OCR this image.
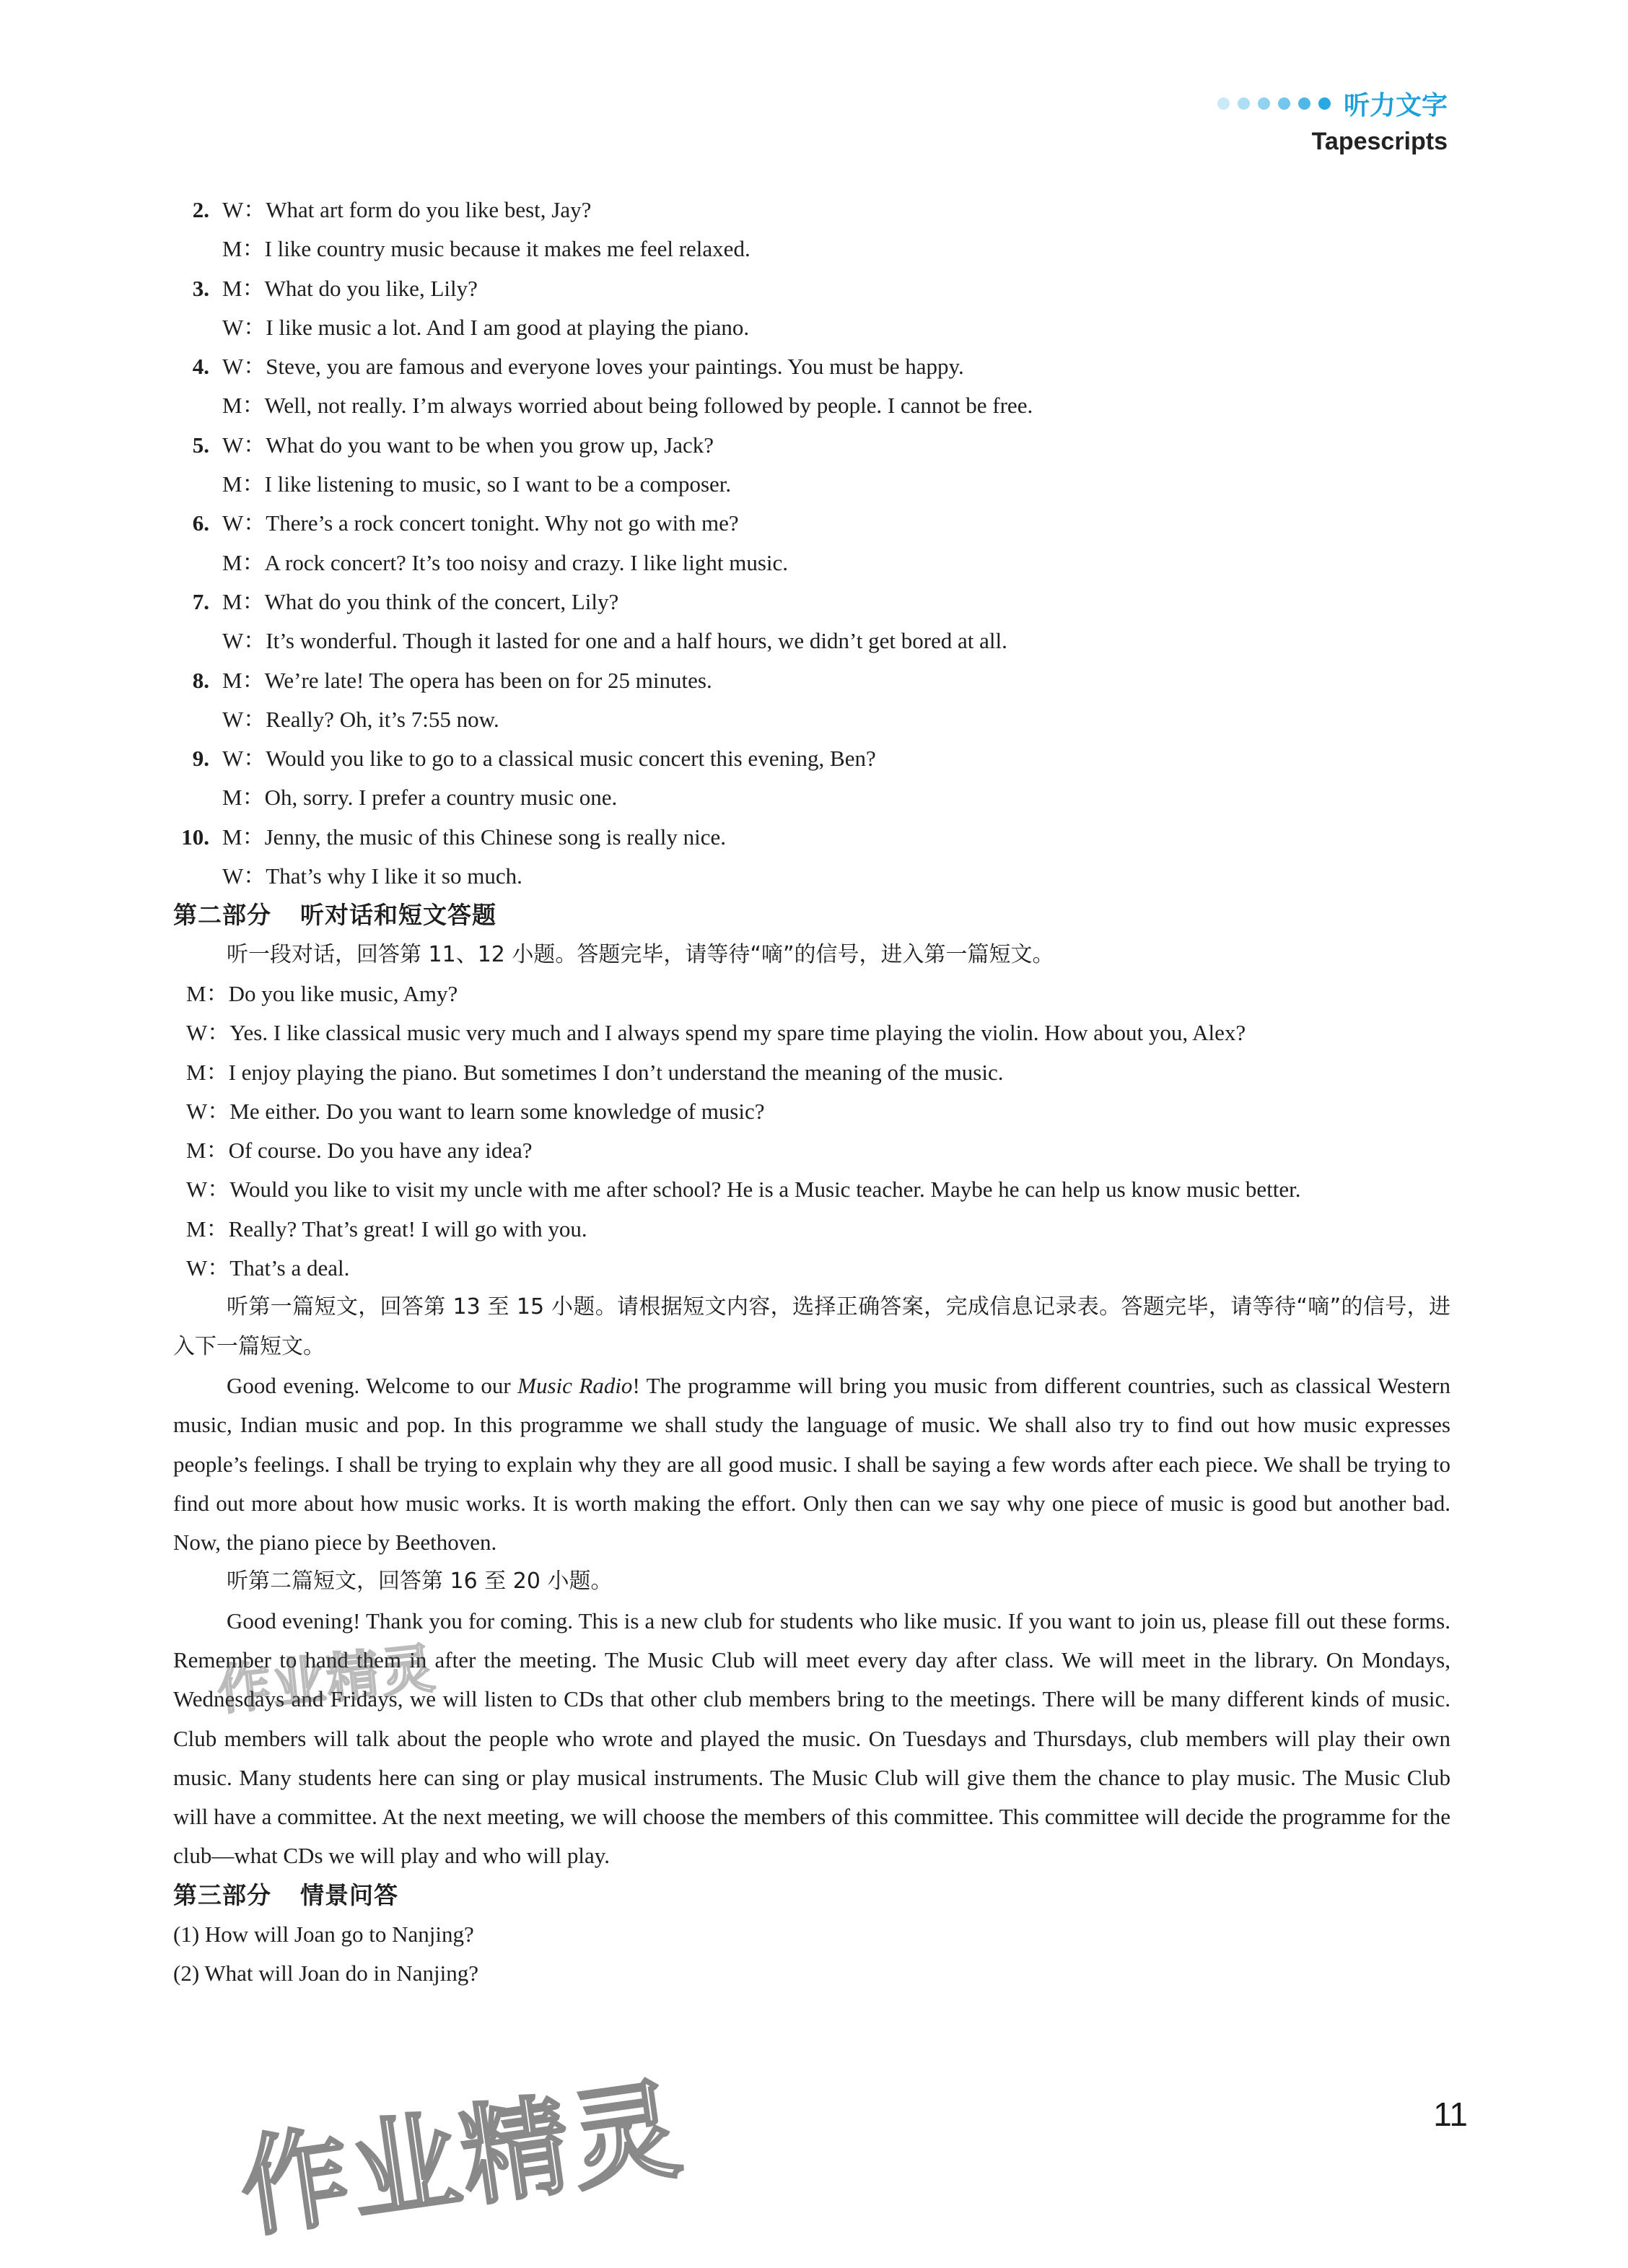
听力文字
Tapescripts
2. W：What art form do you like best, Jay?
M：I like country music because it makes me feel relaxed.
3. M：What do you like, Lily?
W：I like music a lot. And I am good at playing the piano.
4. W：Steve, you are famous and everyone loves your paintings. You must be happy.
M：Well, not really. I’m always worried about being followed by people. I cannot be free.
5. W：What do you want to be when you grow up, Jack?
M：I like listening to music, so I want to be a composer.
6. W：There’s a rock concert tonight. Why not go with me?
M：A rock concert? It’s too noisy and crazy. I like light music.
7. M：What do you think of the concert, Lily?
W：It’s wonderful. Though it lasted for one and a half hours, we didn’t get bored at all.
8. M：We’re late! The opera has been on for 25 minutes.
W：Really? Oh, it’s 7:55 now.
9. W：Would you like to go to a classical music concert this evening, Ben?
M：Oh, sorry. I prefer a country music one.
10. M：Jenny, the music of this Chinese song is really nice.
W：That’s why I like it so much.
第二部分 听对话和短文答题
听一段对话，回答第 11、12 小题。答题完毕，请等待“嘀”的信号，进入第一篇短文。
M：Do you like music, Amy?
W：Yes. I like classical music very much and I always spend my spare time playing the violin. How about you, Alex?
M：I enjoy playing the piano. But sometimes I don’t understand the meaning of the music.
W：Me either. Do you want to learn some knowledge of music?
M：Of course. Do you have any idea?
W：Would you like to visit my uncle with me after school? He is a Music teacher. Maybe he can help us know music better.
M：Really? That’s great! I will go with you.
W：That’s a deal.
听第一篇短文，回答第 13 至 15 小题。请根据短文内容，选择正确答案，完成信息记录表。答题完毕，请等待“嘀”的信号，进入下一篇短文。
Good evening. Welcome to our Music Radio! The programme will bring you music from different countries, such as classical Western music, Indian music and pop. In this programme we shall study the language of music. We shall also try to find out how music expresses people’s feelings. I shall be trying to explain why they are all good music. I shall be saying a few words after each piece. We shall be trying to find out more about how music works. It is worth making the effort. Only then can we say why one piece of music is good but another bad. Now, the piano piece by Beethoven.
听第二篇短文，回答第 16 至 20 小题。
Good evening! Thank you for coming. This is a new club for students who like music. If you want to join us, please fill out these forms. Remember to hand them in after the meeting. The Music Club will meet every day after class. We will meet in the library. On Mondays, Wednesdays and Fridays, we will listen to CDs that other club members bring to the meetings. There will be many different kinds of music. Club members will talk about the people who wrote and played the music. On Tuesdays and Thursdays, club members will play their own music. Many students here can sing or play musical instruments. The Music Club will give them the chance to play music. The Music Club will have a committee. At the next meeting, we will choose the members of this committee. This committee will decide the programme for the club—what CDs we will play and who will play.
第三部分 情景问答
(1) How will Joan go to Nanjing?
(2) What will Joan do in Nanjing?
作业精灵
作业精灵	11
